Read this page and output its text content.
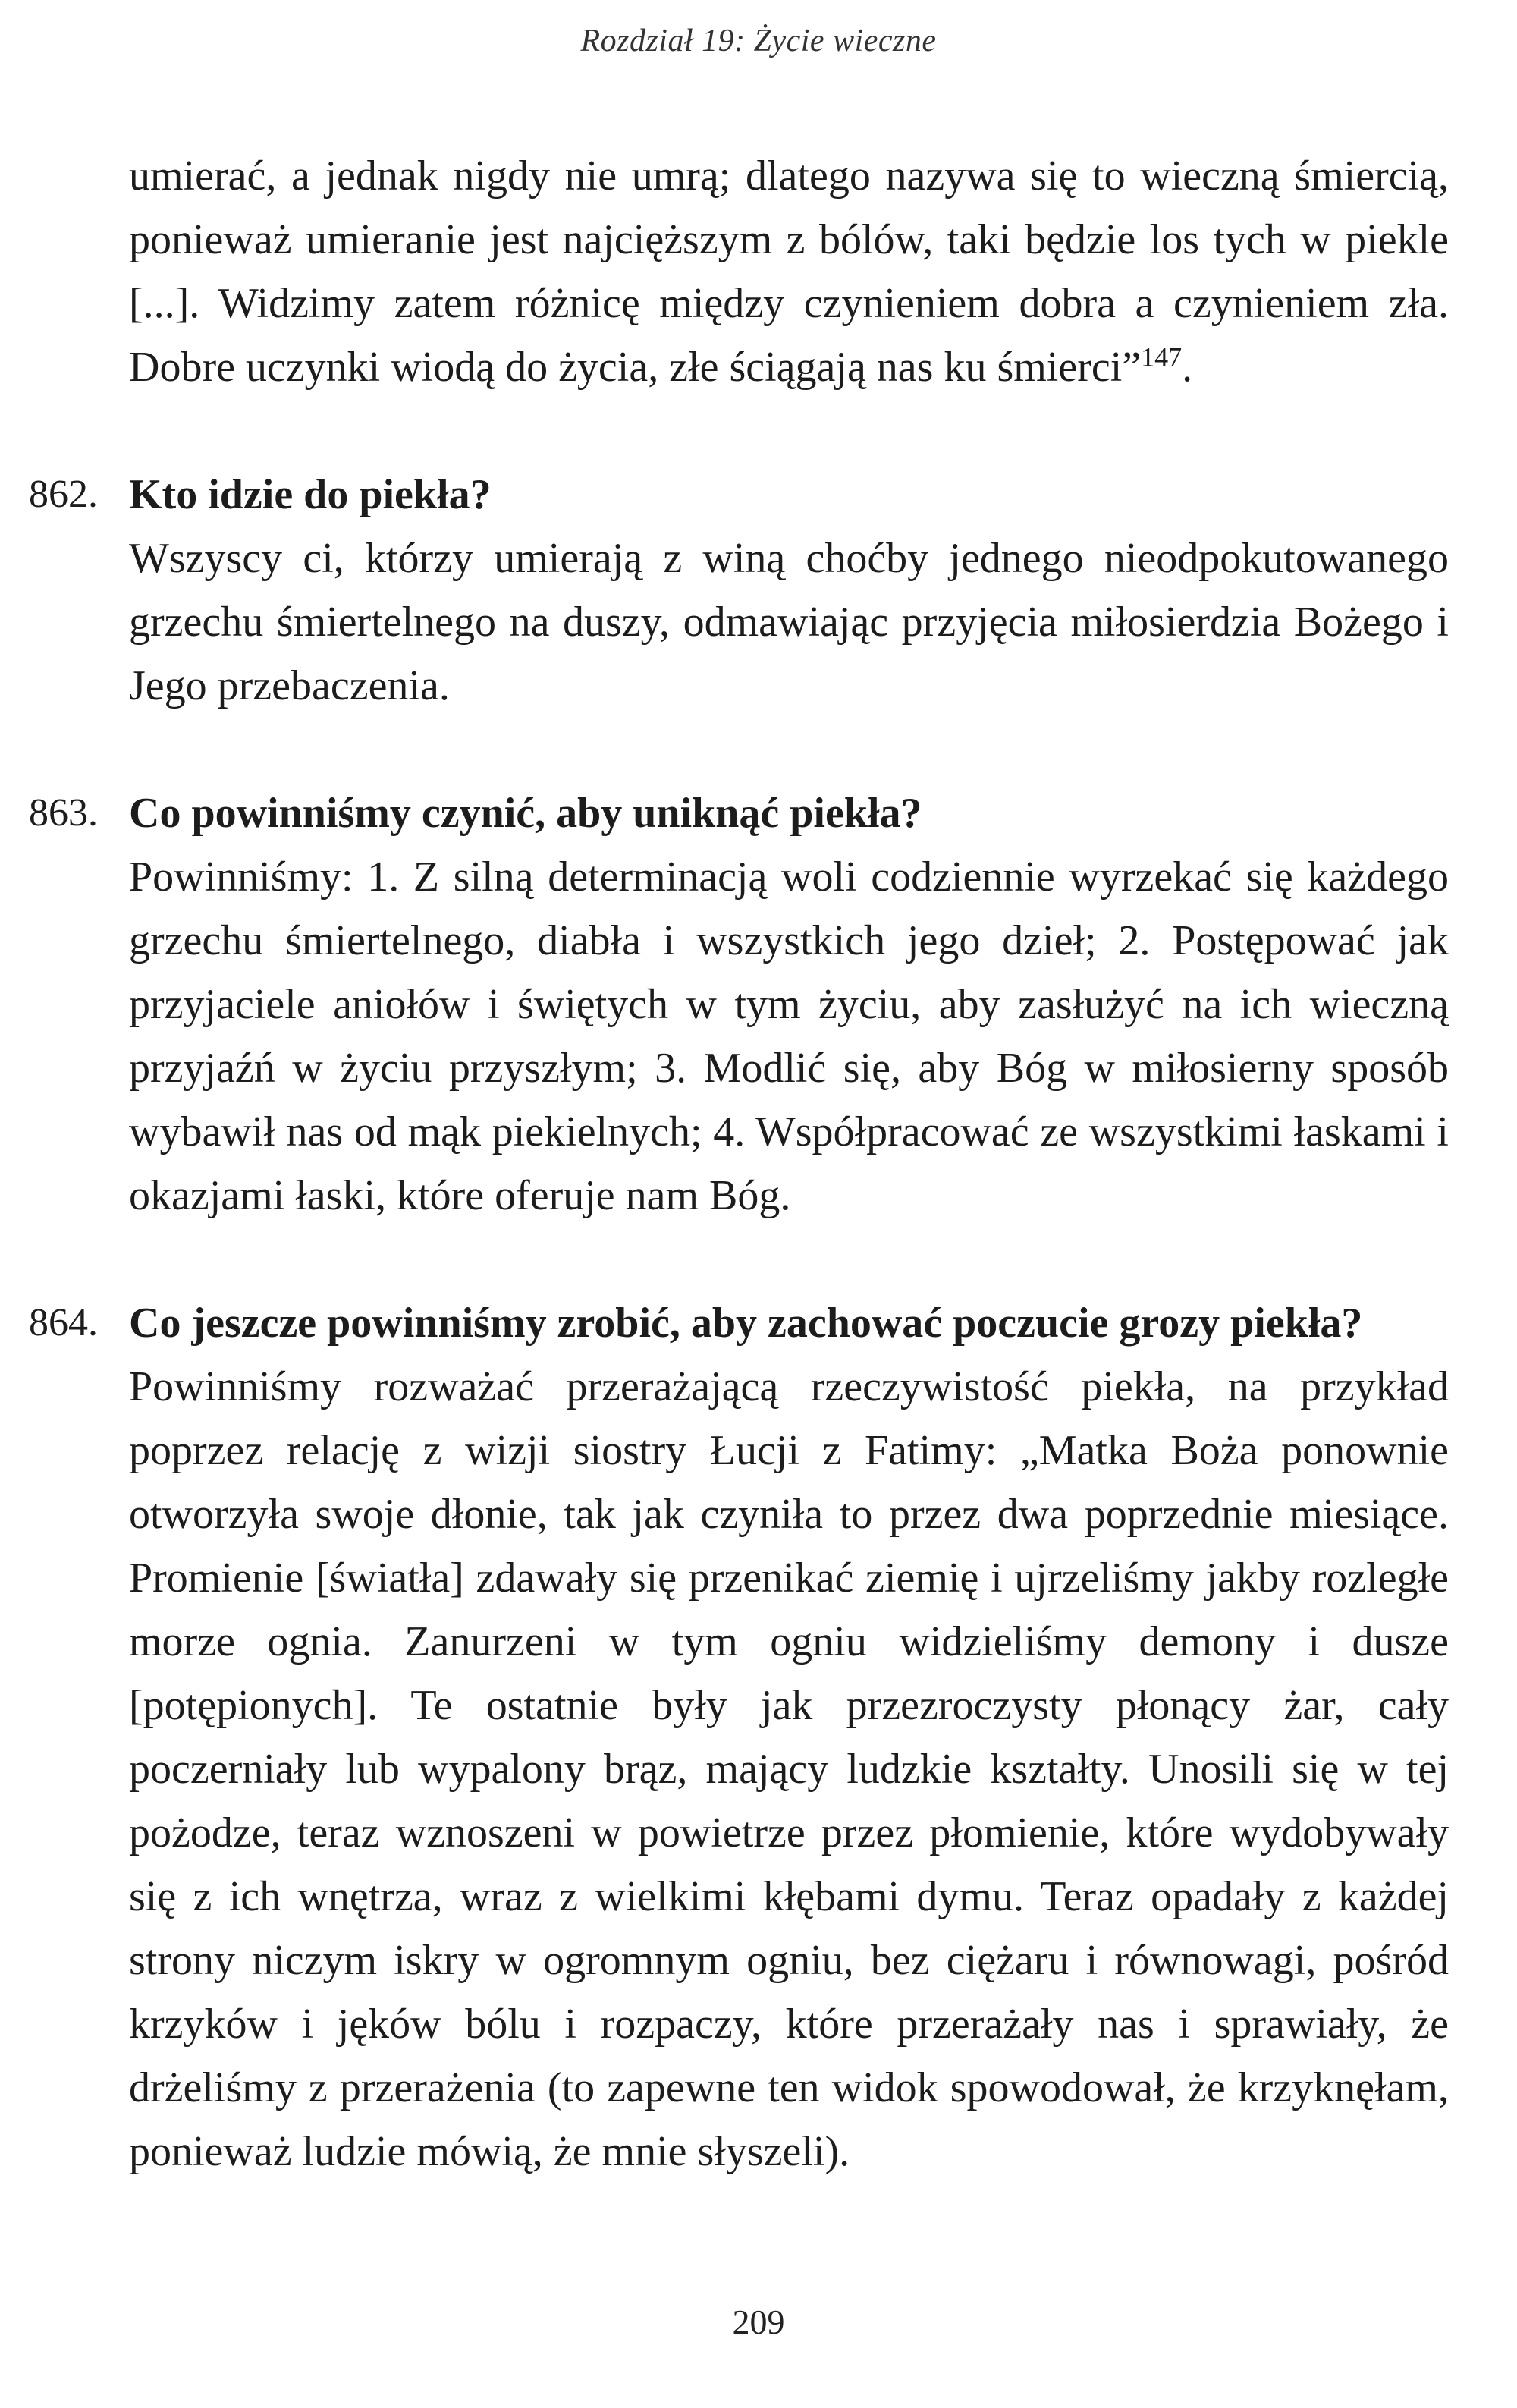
Rozdział 19: Życie wieczne

umierać, a jednak nigdy nie umrą; dlatego nazywa się to wieczną śmiercią, ponieważ umieranie jest najcięższym z bólów, taki będzie los tych w piekle [...]. Widzimy zatem różnicę między czynieniem dobra a czynieniem zła. Dobre uczynki wiodą do życia, złe ściągają nas ku śmierci”$^{147}$.

862. Kto idzie do piekła?

Wszyscy ci, którzy umierają z winą choćby jednego nieodpokutowanego grzechu śmiertelnego na duszy, odmawiając przyjęcia miłosierdzia Bożego i Jego przebaczenia.

863. Co powinniśmy czynić, aby uniknąć piekła?

Powinniśmy: 1. Z silną determinacją woli codziennie wyrzekać się każdego grzechu śmiertelnego, diabła i wszystkich jego dzieł; 2. Postępować jak przyjaciele aniołów i świętych w tym życiu, aby zasłużyć na ich wieczną przyjaźń w życiu przyszłym; 3. Modlić się, aby Bóg w miłosierny sposób wybawił nas od mąk piekielnych; 4. Współpracować ze wszystkimi łaskami i okazjami łaski, które oferuje nam Bóg.

864. Co jeszcze powinniśmy zrobić, aby zachować poczucie grozy piekła?

Powinniśmy rozważać przerażającą rzeczywistość piekła, na przykład poprzez relację z wizji siostry Łucji z Fatimy: „Matka Boża ponownie otworzyła swoje dłonie, tak jak czyniła to przez dwa poprzednie miesiące. Promienie [światła] zdawały się przenikać ziemię i ujrzeliśmy jakby rozległe morze ognia. Zanurzeni w tym ogniu widzieliśmy demony i dusze [potępionych]. Te ostatnie były jak przezroczysty płonący żar, cały poczerniały lub wypalony brąz, mający ludzkie kształty. Unosili się w tej pożodze, teraz wznoszeni w powietrze przez płomienie, które wydobywały się z ich wnętrza, wraz z wielkimi kłębami dymu. Teraz opadały z każdej strony niczym iskry w ogromnym ogniu, bez ciężaru i równowagi, pośród krzyków i jęków bólu i rozpaczy, które przerażały nas i sprawiały, że drżeliśmy z przerażenia (to zapewne ten widok spowodował, że krzyknęłam, ponieważ ludzie mówią, że mnie słyszeli).

209
